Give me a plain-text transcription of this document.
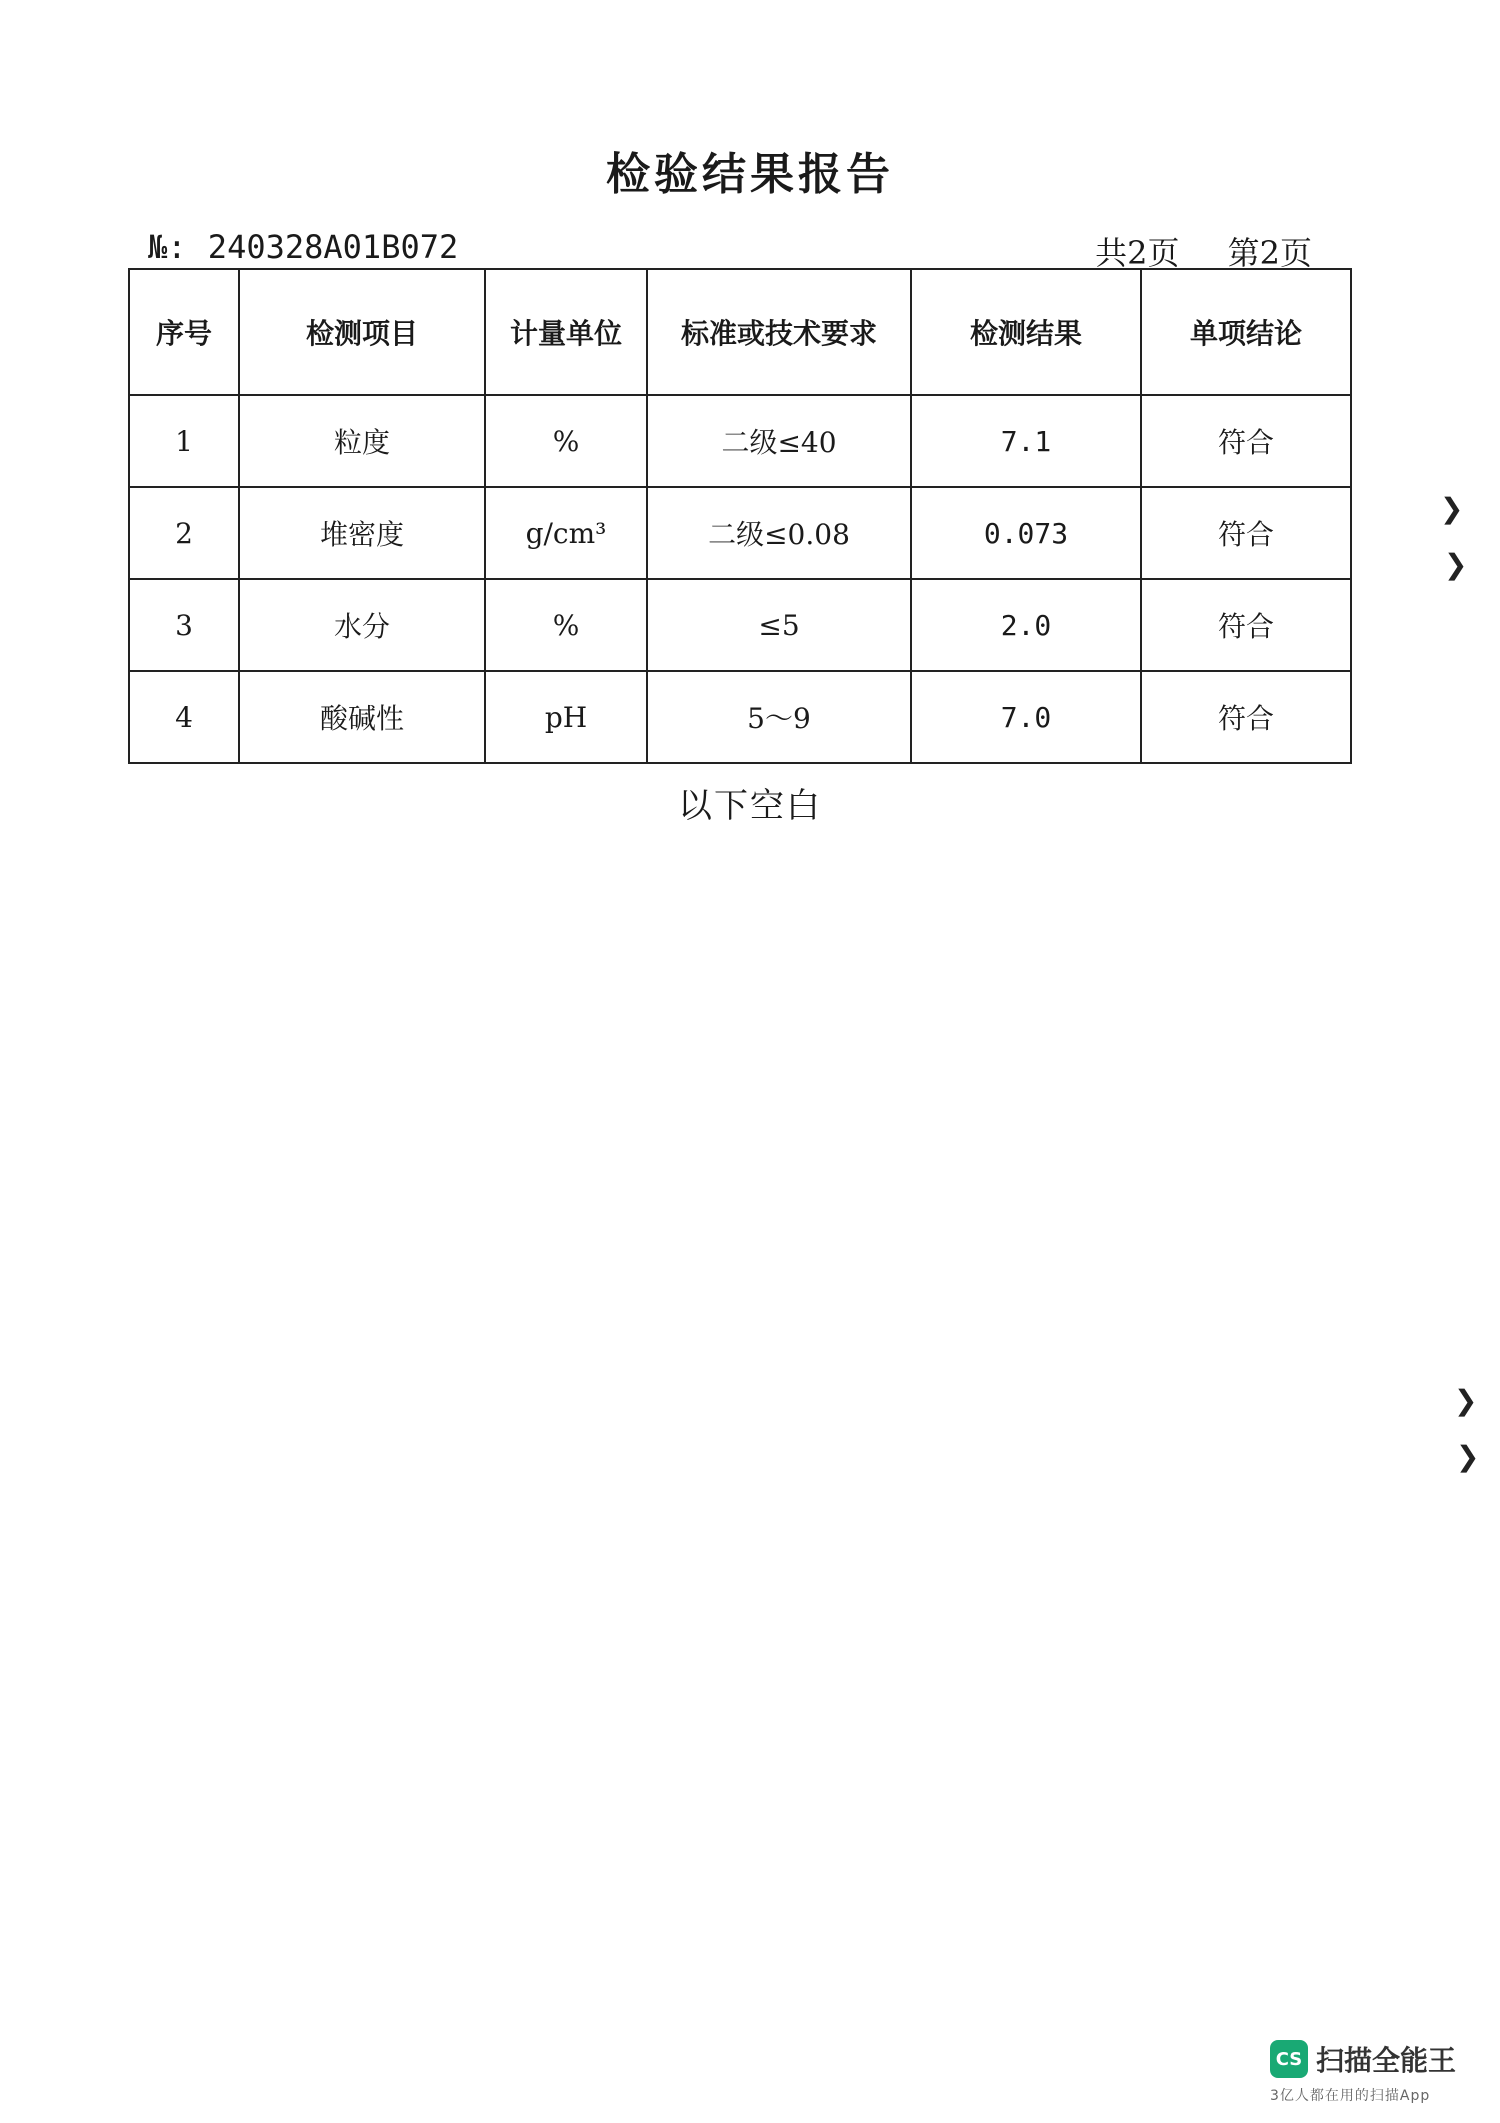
检验结果报告
№: 240328A01B072	共2页 第2页
序号	检测项目	计量单位	标准或技术要求	检测结果	单项结论
1	粒度	%	二级≤40	7.1	符合
2	堆密度	g/cm³	二级≤0.08	0.073	符合
3	水分	%	≤5	2.0	符合
4	酸碱性	pH	5～9	7.0	符合
以下空白
❯
❯
❯
❯
CS 扫描全能王
3亿人都在用的扫描App
